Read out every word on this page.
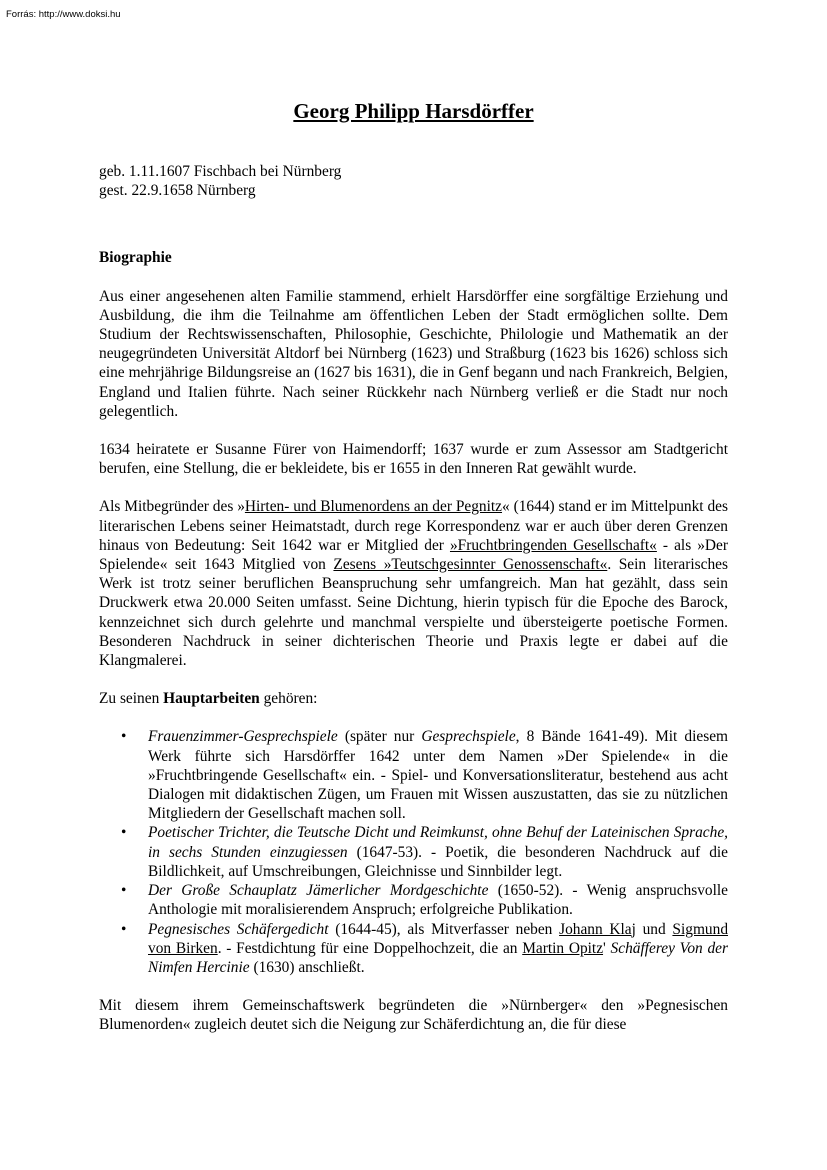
Forrás: http://www.doksi.hu
Georg Philipp Harsdörffer

geb. 1.11.1607 Fischbach bei Nürnberg
gest. 22.9.1658 Nürnberg

Biographie

Aus einer angesehenen alten Familie stammend, erhielt Harsdörffer eine sorgfältige Erziehung und Ausbildung, die ihm die Teilnahme am öffentlichen Leben der Stadt ermöglichen sollte. Dem Studium der Rechtswissenschaften, Philosophie, Geschichte, Philologie und Mathematik an der neugegründeten Universität Altdorf bei Nürnberg (1623) und Straßburg (1623 bis 1626) schloss sich eine mehrjährige Bildungsreise an (1627 bis 1631), die in Genf begann und nach Frankreich, Belgien, England und Italien führte. Nach seiner Rückkehr nach Nürnberg verließ er die Stadt nur noch gelegentlich.

1634 heiratete er Susanne Fürer von Haimendorff; 1637 wurde er zum Assessor am Stadtgericht berufen, eine Stellung, die er bekleidete, bis er 1655 in den Inneren Rat gewählt wurde.

Als Mitbegründer des »Hirten- und Blumenordens an der Pegnitz« (1644) stand er im Mittelpunkt des literarischen Lebens seiner Heimatstadt, durch rege Korrespondenz war er auch über deren Grenzen hinaus von Bedeutung: Seit 1642 war er Mitglied der »Fruchtbringenden Gesellschaft« - als »Der Spielende« seit 1643 Mitglied von Zesens »Teutschgesinnter Genossenschaft«. Sein literarisches Werk ist trotz seiner beruflichen Beanspruchung sehr umfangreich. Man hat gezählt, dass sein Druckwerk etwa 20.000 Seiten umfasst. Seine Dichtung, hierin typisch für die Epoche des Barock, kennzeichnet sich durch gelehrte und manchmal verspielte und übersteigerte poetische Formen. Besonderen Nachdruck in seiner dichterischen Theorie und Praxis legte er dabei auf die Klangmalerei.

Zu seinen Hauptarbeiten gehören:

• Frauenzimmer-Gesprechspiele (später nur Gesprechspiele, 8 Bände 1641-49). Mit diesem Werk führte sich Harsdörffer 1642 unter dem Namen »Der Spielende« in die »Fruchtbringende Gesellschaft« ein. - Spiel- und Konversationsliteratur, bestehend aus acht Dialogen mit didaktischen Zügen, um Frauen mit Wissen auszustatten, das sie zu nützlichen Mitgliedern der Gesellschaft machen soll.
• Poetischer Trichter, die Teutsche Dicht und Reimkunst, ohne Behuf der Lateinischen Sprache, in sechs Stunden einzugiessen (1647-53). - Poetik, die besonderen Nachdruck auf die Bildlichkeit, auf Umschreibungen, Gleichnisse und Sinnbilder legt.
• Der Große Schauplatz Jämerlicher Mordgeschichte (1650-52). - Wenig anspruchsvolle Anthologie mit moralisierendem Anspruch; erfolgreiche Publikation.
• Pegnesisches Schäfergedicht (1644-45), als Mitverfasser neben Johann Klaj und Sigmund von Birken. - Festdichtung für eine Doppelhochzeit, die an Martin Opitz' Schäfferey Von der Nimfen Hercinie (1630) anschließt.

Mit diesem ihrem Gemeinschaftswerk begründeten die »Nürnberger« den »Pegnesischen Blumenorden« zugleich deutet sich die Neigung zur Schäferdichtung an, die für diese
